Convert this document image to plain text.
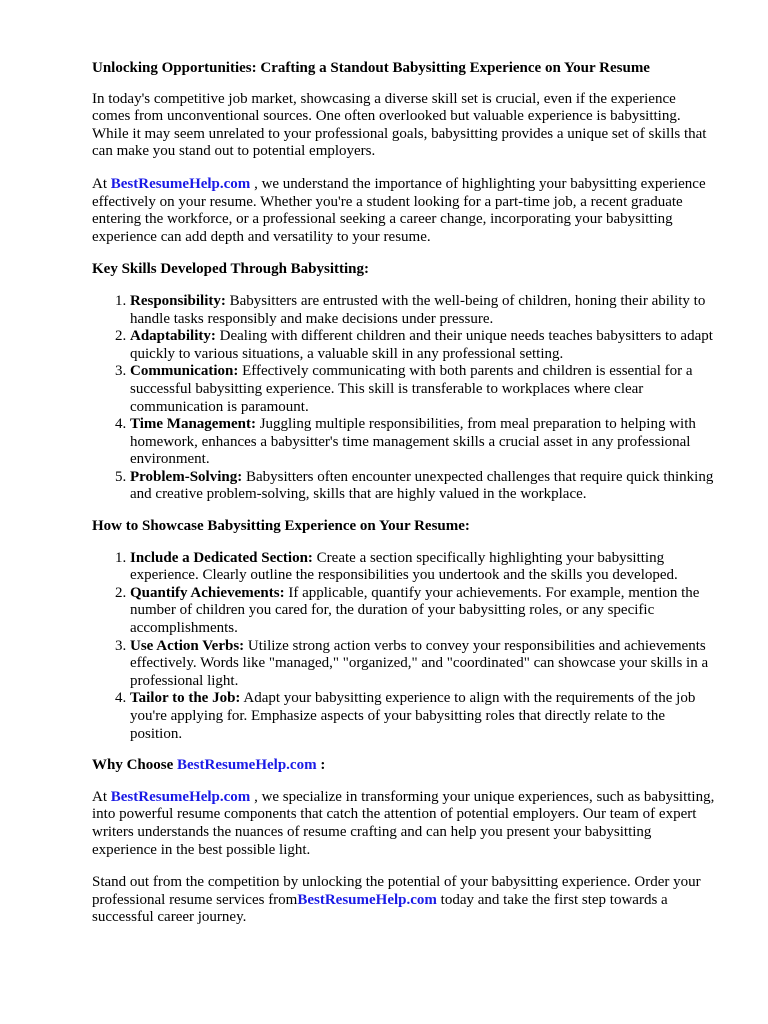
Unlocking Opportunities: Crafting a Standout Babysitting Experience on Your Resume

In today's competitive job market, showcasing a diverse skill set is crucial, even if the experience comes from unconventional sources. One often overlooked but valuable experience is babysitting. While it may seem unrelated to your professional goals, babysitting provides a unique set of skills that can make you stand out to potential employers.

At BestResumeHelp.com , we understand the importance of highlighting your babysitting experience effectively on your resume. Whether you're a student looking for a part-time job, a recent graduate entering the workforce, or a professional seeking a career change, incorporating your babysitting experience can add depth and versatility to your resume.

Key Skills Developed Through Babysitting:
1. Responsibility: Babysitters are entrusted with the well-being of children, honing their ability to handle tasks responsibly and make decisions under pressure.
2. Adaptability: Dealing with different children and their unique needs teaches babysitters to adapt quickly to various situations, a valuable skill in any professional setting.
3. Communication: Effectively communicating with both parents and children is essential for a successful babysitting experience. This skill is transferable to workplaces where clear communication is paramount.
4. Time Management: Juggling multiple responsibilities, from meal preparation to helping with homework, enhances a babysitter's time management skills a crucial asset in any professional environment.
5. Problem-Solving: Babysitters often encounter unexpected challenges that require quick thinking and creative problem-solving, skills that are highly valued in the workplace.
How to Showcase Babysitting Experience on Your Resume:
1. Include a Dedicated Section: Create a section specifically highlighting your babysitting experience. Clearly outline the responsibilities you undertook and the skills you developed.
2. Quantify Achievements: If applicable, quantify your achievements. For example, mention the number of children you cared for, the duration of your babysitting roles, or any specific accomplishments.
3. Use Action Verbs: Utilize strong action verbs to convey your responsibilities and achievements effectively. Words like "managed," "organized," and "coordinated" can showcase your skills in a professional light.
4. Tailor to the Job: Adapt your babysitting experience to align with the requirements of the job you're applying for. Emphasize aspects of your babysitting roles that directly relate to the position.
Why Choose BestResumeHelp.com :

At BestResumeHelp.com , we specialize in transforming your unique experiences, such as babysitting, into powerful resume components that catch the attention of potential employers. Our team of expert writers understands the nuances of resume crafting and can help you present your babysitting experience in the best possible light.

Stand out from the competition by unlocking the potential of your babysitting experience. Order your professional resume services fromBestResumeHelp.com today and take the first step towards a successful career journey.
